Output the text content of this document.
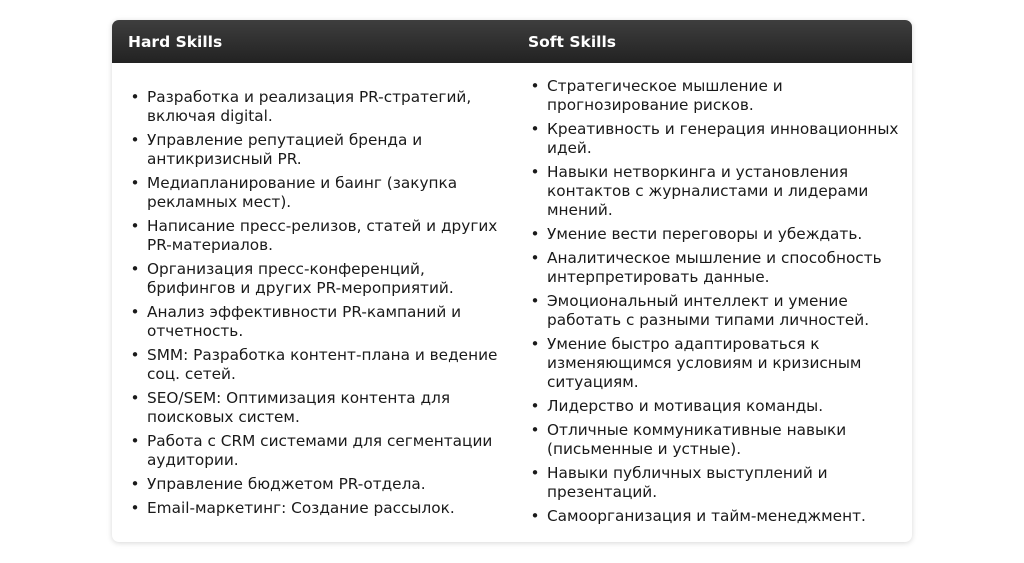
Hard Skills	Soft Skills
• Разработка и реализация PR-стратегий, включая digital.
• Управление репутацией бренда и антикризисный PR.
• Медиапланирование и баинг (закупка рекламных мест).
• Написание пресс-релизов, статей и других PR-материалов.
• Организация пресс-конференций, брифингов и других PR-мероприятий.
• Анализ эффективности PR-кампаний и отчетность.
• SMM: Разработка контент-плана и ведение соц. сетей.
• SEO/SEM: Оптимизация контента для поисковых систем.
• Работа с CRM системами для сегментации аудитории.
• Управление бюджетом PR-отдела.
• Email-маркетинг: Создание рассылок.
• Стратегическое мышление и прогнозирование рисков.
• Креативность и генерация инновационных идей.
• Навыки нетворкинга и установления контактов с журналистами и лидерами мнений.
• Умение вести переговоры и убеждать.
• Аналитическое мышление и способность интерпретировать данные.
• Эмоциональный интеллект и умение работать с разными типами личностей.
• Умение быстро адаптироваться к изменяющимся условиям и кризисным ситуациям.
• Лидерство и мотивация команды.
• Отличные коммуникативные навыки (письменные и устные).
• Навыки публичных выступлений и презентаций.
• Самоорганизация и тайм-менеджмент.
